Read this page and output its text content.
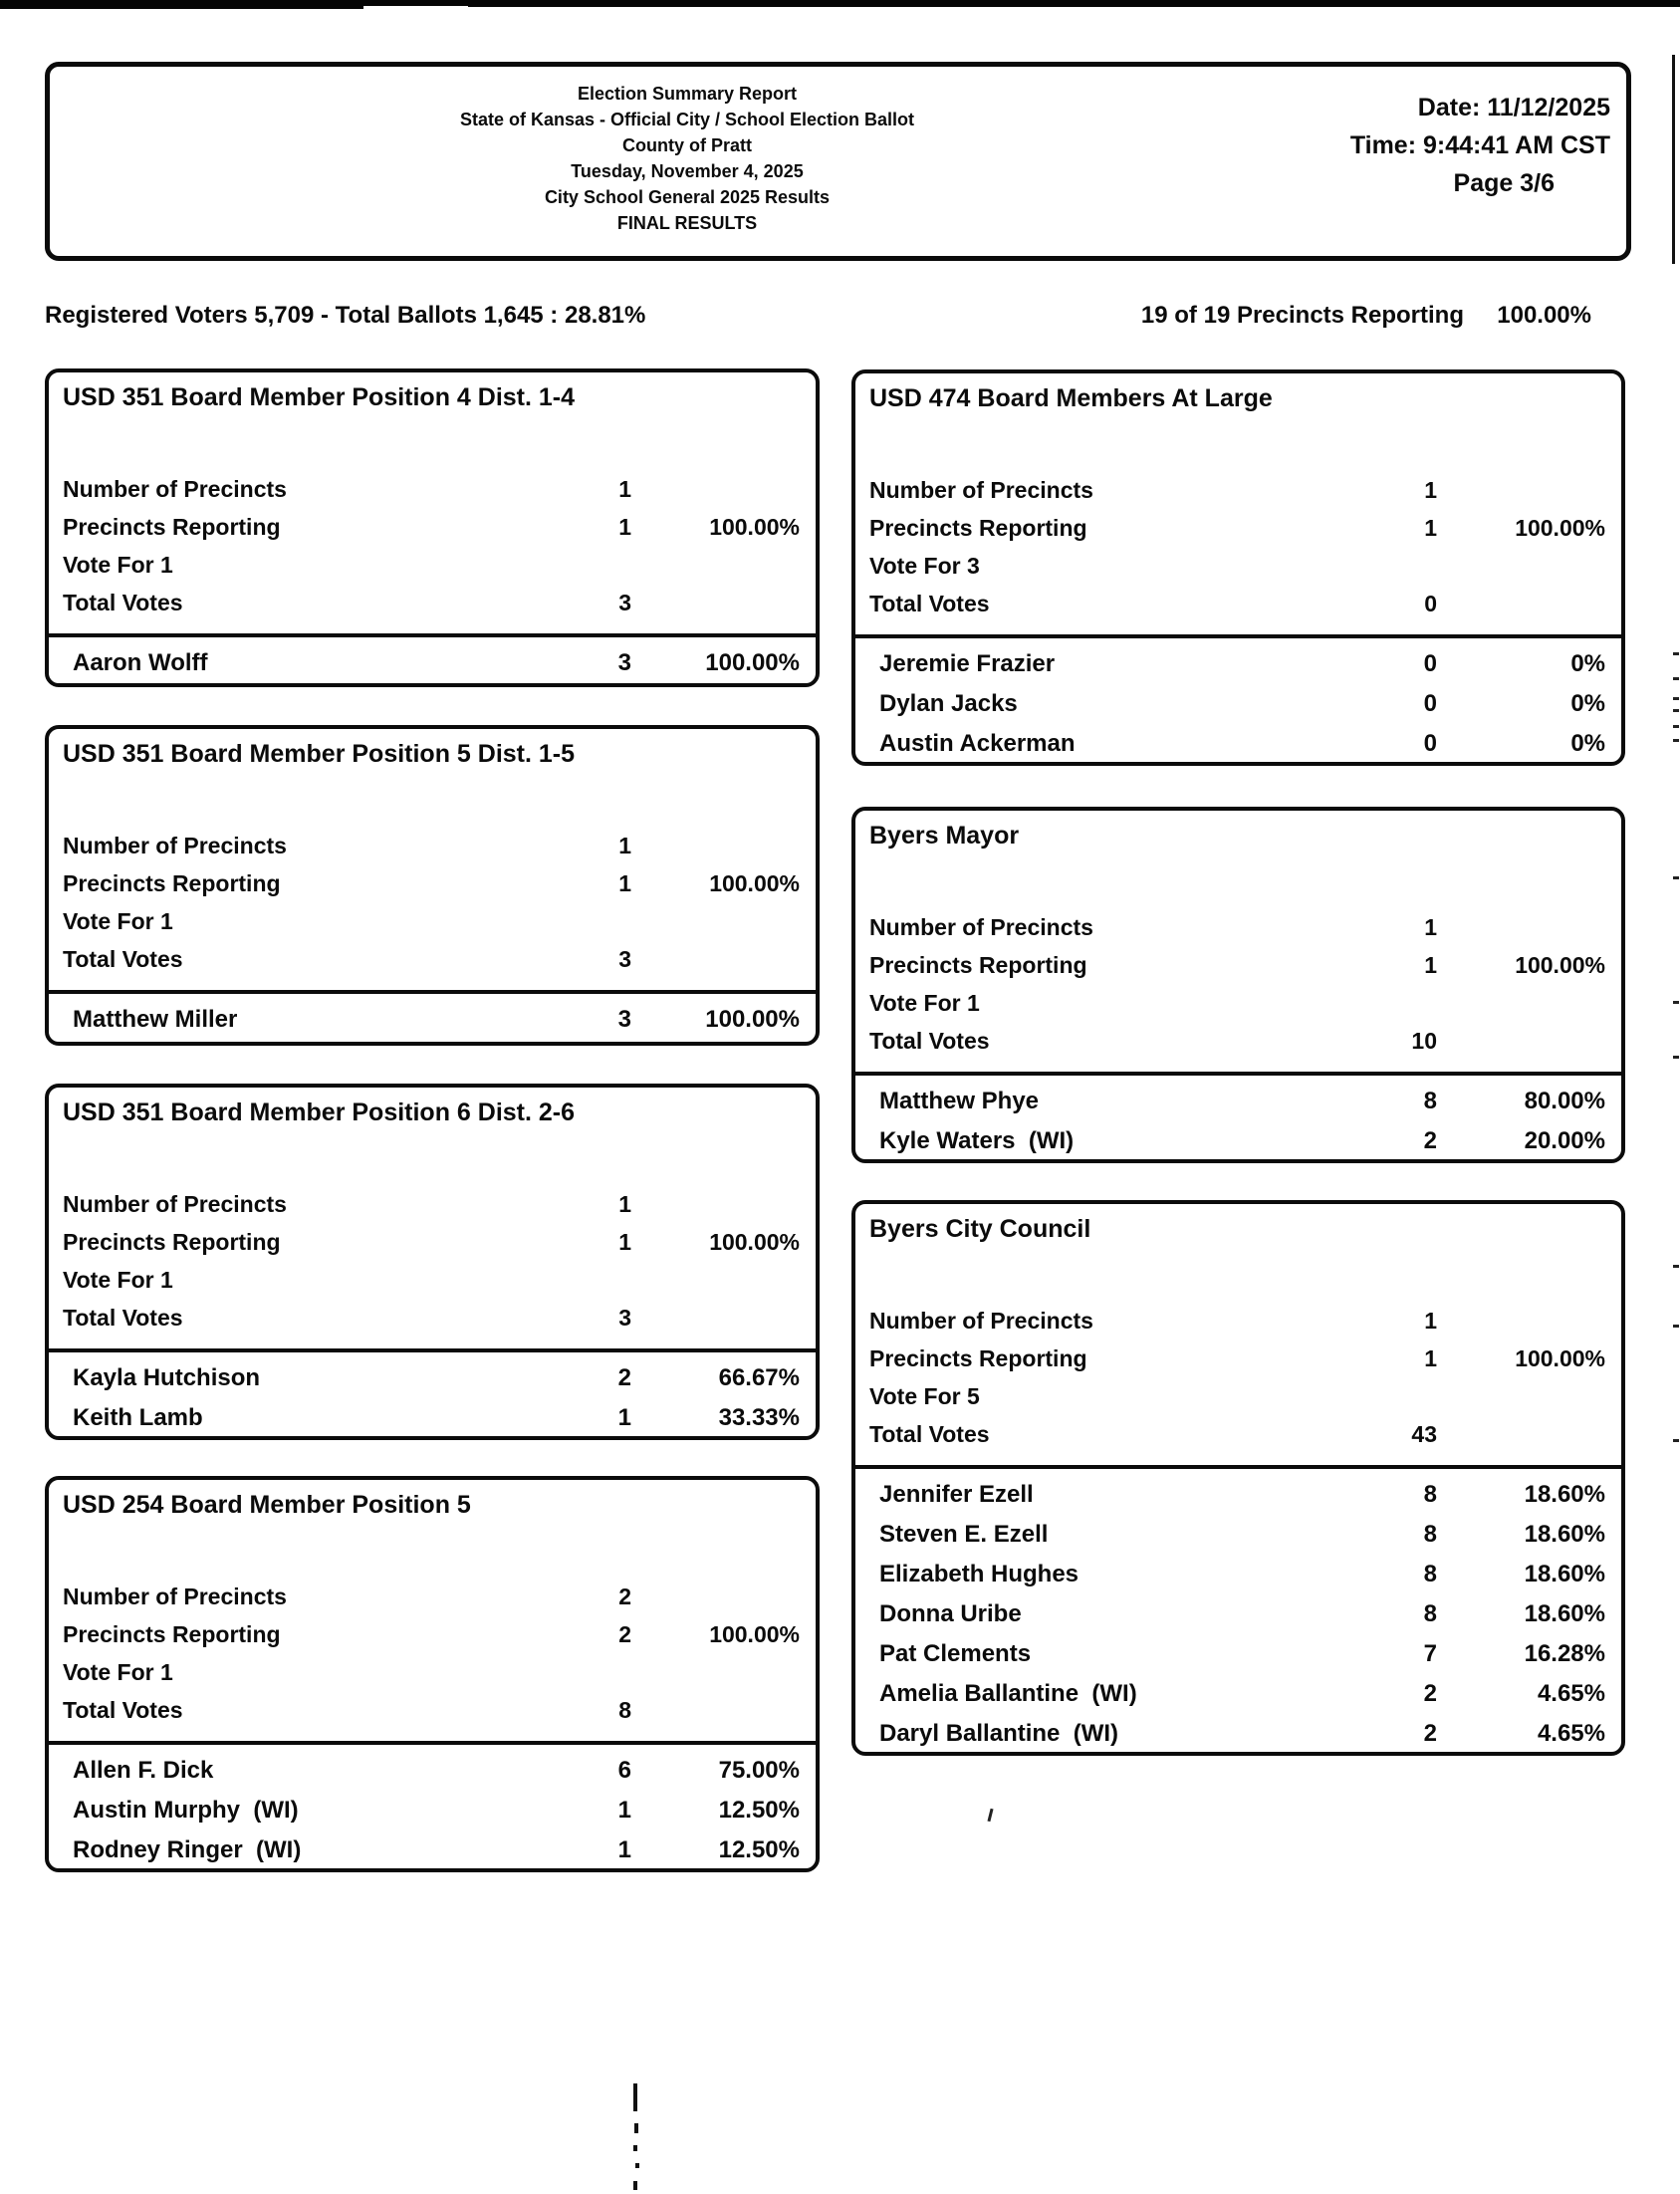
Election Summary Report
State of Kansas - Official City / School Election Ballot
County of Pratt
Tuesday, November 4, 2025
City School General 2025 Results
FINAL RESULTS
Date: 11/12/2025
Time: 9:44:41 AM CST
Page 3/6
Registered Voters 5,709 - Total Ballots 1,645 : 28.81%	19 of 19 Precincts Reporting 100.00%
USD 351 Board Member Position 4 Dist. 1-4
Number of Precincts	1
Precincts Reporting	1	100.00%
Vote For 1
Total Votes	3
Aaron Wolff	3	100.00%
USD 351 Board Member Position 5 Dist. 1-5
Number of Precincts	1
Precincts Reporting	1	100.00%
Vote For 1
Total Votes	3
Matthew Miller	3	100.00%
USD 351 Board Member Position 6 Dist. 2-6
Number of Precincts	1
Precincts Reporting	1	100.00%
Vote For 1
Total Votes	3
Kayla Hutchison	2	66.67%
Keith Lamb	1	33.33%
USD 254 Board Member Position 5
Number of Precincts	2
Precincts Reporting	2	100.00%
Vote For 1
Total Votes	8
Allen F. Dick	6	75.00%
Austin Murphy  (WI)	1	12.50%
Rodney Ringer  (WI)	1	12.50%
USD 474 Board Members At Large
Number of Precincts	1
Precincts Reporting	1	100.00%
Vote For 3
Total Votes	0
Jeremie Frazier	0	0%
Dylan Jacks	0	0%
Austin Ackerman	0	0%
Byers Mayor
Number of Precincts	1
Precincts Reporting	1	100.00%
Vote For 1
Total Votes	10
Matthew Phye	8	80.00%
Kyle Waters  (WI)	2	20.00%
Byers City Council
Number of Precincts	1
Precincts Reporting	1	100.00%
Vote For 5
Total Votes	43
Jennifer Ezell	8	18.60%
Steven E. Ezell	8	18.60%
Elizabeth Hughes	8	18.60%
Donna Uribe	8	18.60%
Pat Clements	7	16.28%
Amelia Ballantine  (WI)	2	4.65%
Daryl Ballantine  (WI)	2	4.65%
